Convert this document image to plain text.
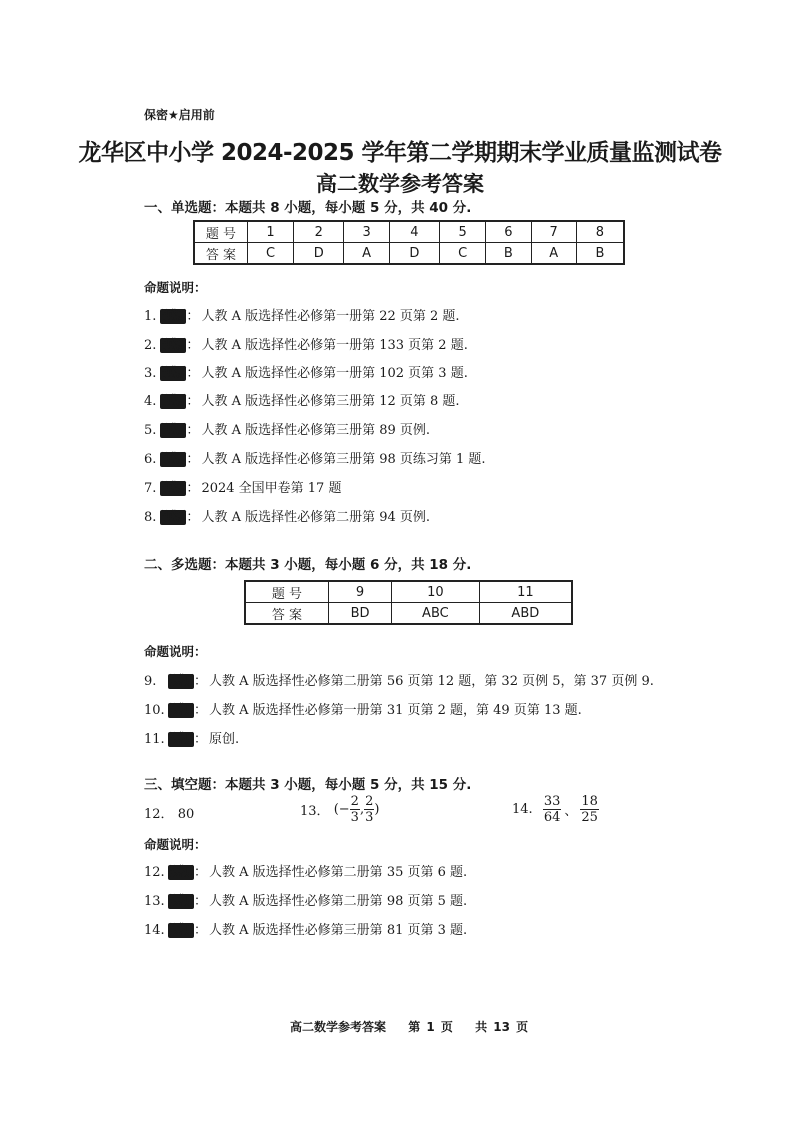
保密★启用前
龙华区中小学 2024-2025 学年第二学期期末学业质量监测试卷
高二数学参考答案
一、单选题：本题共 8 小题，每小题 5 分，共 40 分.
题 号	1	2	3	4	5	6	7	8
答 案	C	D	A	D	C	B	A	B
命题说明：
1. 题源： 人教 A 版选择性必修第一册第 22 页第 2 题.
2. 题源： 人教 A 版选择性必修第一册第 133 页第 2 题.
3. 题源： 人教 A 版选择性必修第一册第 102 页第 3 题.
4. 题源： 人教 A 版选择性必修第三册第 12 页第 8 题.
5. 题源： 人教 A 版选择性必修第三册第 89 页例.
6. 题源： 人教 A 版选择性必修第三册第 98 页练习第 1 题.
7. 题源： 2024 全国甲卷第 17 题
8. 题源： 人教 A 版选择性必修第二册第 94 页例.
二、多选题：本题共 3 小题，每小题 6 分，共 18 分.
题 号	9	10	11
答 案	BD	ABC	ABD
命题说明：
9. 题源： 人教 A 版选择性必修第二册第 56 页第 12 题，第 32 页例 5，第 37 页例 9.
10. 题源： 人教 A 版选择性必修第一册第 31 页第 2 题，第 49 页第 13 题.
11. 题源： 原创.
三、填空题：本题共 3 小题，每小题 5 分，共 15 分.
12． 80	13． (− $\frac{2}{3}$ , $\frac{2}{3}$ )	14. $\frac{33}{64}$ 、 $\frac{18}{25}$
命题说明：
12. 题源： 人教 A 版选择性必修第二册第 35 页第 6 题.
13. 题源： 人教 A 版选择性必修第二册第 98 页第 5 题.
14. 题源： 人教 A 版选择性必修第三册第 81 页第 3 题.
高二数学参考答案 第 1 页 共 13 页
